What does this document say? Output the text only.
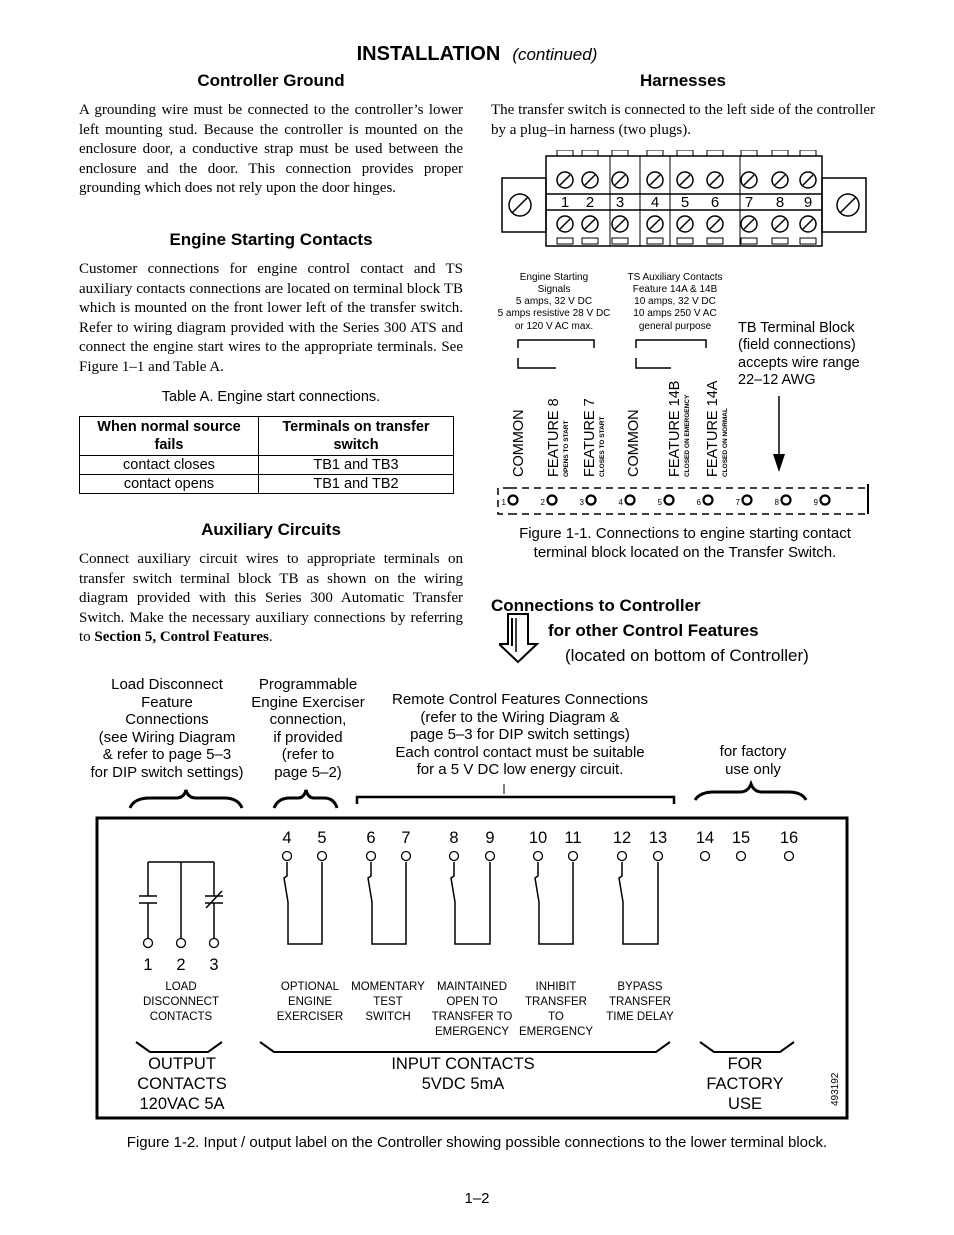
INSTALLATION (continued)
Controller Ground
A grounding wire must be connected to the controller’s lower left mounting stud. Because the controller is mounted on the enclosure door, a conductive strap must be used between the enclosure and the door. This connection provides proper grounding which does not rely upon the door hinges.
Engine Starting Contacts
Customer connections for engine control contact and TS auxiliary contacts connections are located on terminal block TB which is mounted on the front lower left of the transfer switch. Refer to wiring diagram provided with the Series 300 ATS and connect the engine start wires to the appropriate terminals. See Figure 1–1 and Table A.
Table A. Engine start connections.
When normal source fails	Terminals on transfer switch
contact closes	TB1 and TB3
contact opens	TB1 and TB2
Auxiliary Circuits
Connect auxiliary circuit wires to appropriate terminals on transfer switch terminal block TB as shown on the wiring diagram provided with this Series 300 Automatic Transfer Switch. Make the necessary auxiliary connections by referring to Section 5, Control Features.
Harnesses
The transfer switch is connected to the left side of the controller by a plug–in harness (two plugs).
1 2 3 4 5 6 7 8 9
Engine Starting
Signals
5 amps, 32 V DC
5 amps resistive 28 V DC
or 120 V AC max.
TS Auxiliary Contacts
Feature 14A & 14B
10 amps, 32 V DC
10 amps 250 V AC
general purpose TB Terminal Block
(field connections)
accepts wire range
22–12 AWG
COMMON FEATURE 8 OPENS TO START FEATURE 7 CLOSES TO START COMMON FEATURE 14B CLOSED ON EMERGENCY FEATURE 14A CLOSED ON NORMAL
1	2	3	4	5	6	7	8	9
Figure 1-1. Connections to engine starting contact
terminal block located on the Transfer Switch.
Connections to Controller
for other Control Features
(located on bottom of Controller)
Load Disconnect
Feature
Connections
(see Wiring Diagram
& refer to page 5–3
for DIP switch settings)
Programmable
Engine Exerciser
connection,
if provided
(refer to
page 5–2)
Remote Control Features Connections
(refer to the Wiring Diagram &
page 5–3 for DIP switch settings)
Each control contact must be suitable
for a 5 V DC low energy circuit.
for factory
use only
4 5 6 7 8 9 10 11 12 13 14 15 16
1 2 3
LOAD
DISCONNECT
CONTACTS
OPTIONAL
ENGINE
EXERCISER
MOMENTARY
TEST
SWITCH
MAINTAINED
OPEN TO
TRANSFER TO
EMERGENCY
INHIBIT
TRANSFER
TO
EMERGENCY
BYPASS
TRANSFER
TIME DELAY
OUTPUT
CONTACTS
120VAC 5A
INPUT CONTACTS
5VDC 5mA
FOR
FACTORY
USE	493192
Figure 1-2. Input / output label on the Controller showing possible connections to the lower terminal block.
1–2
